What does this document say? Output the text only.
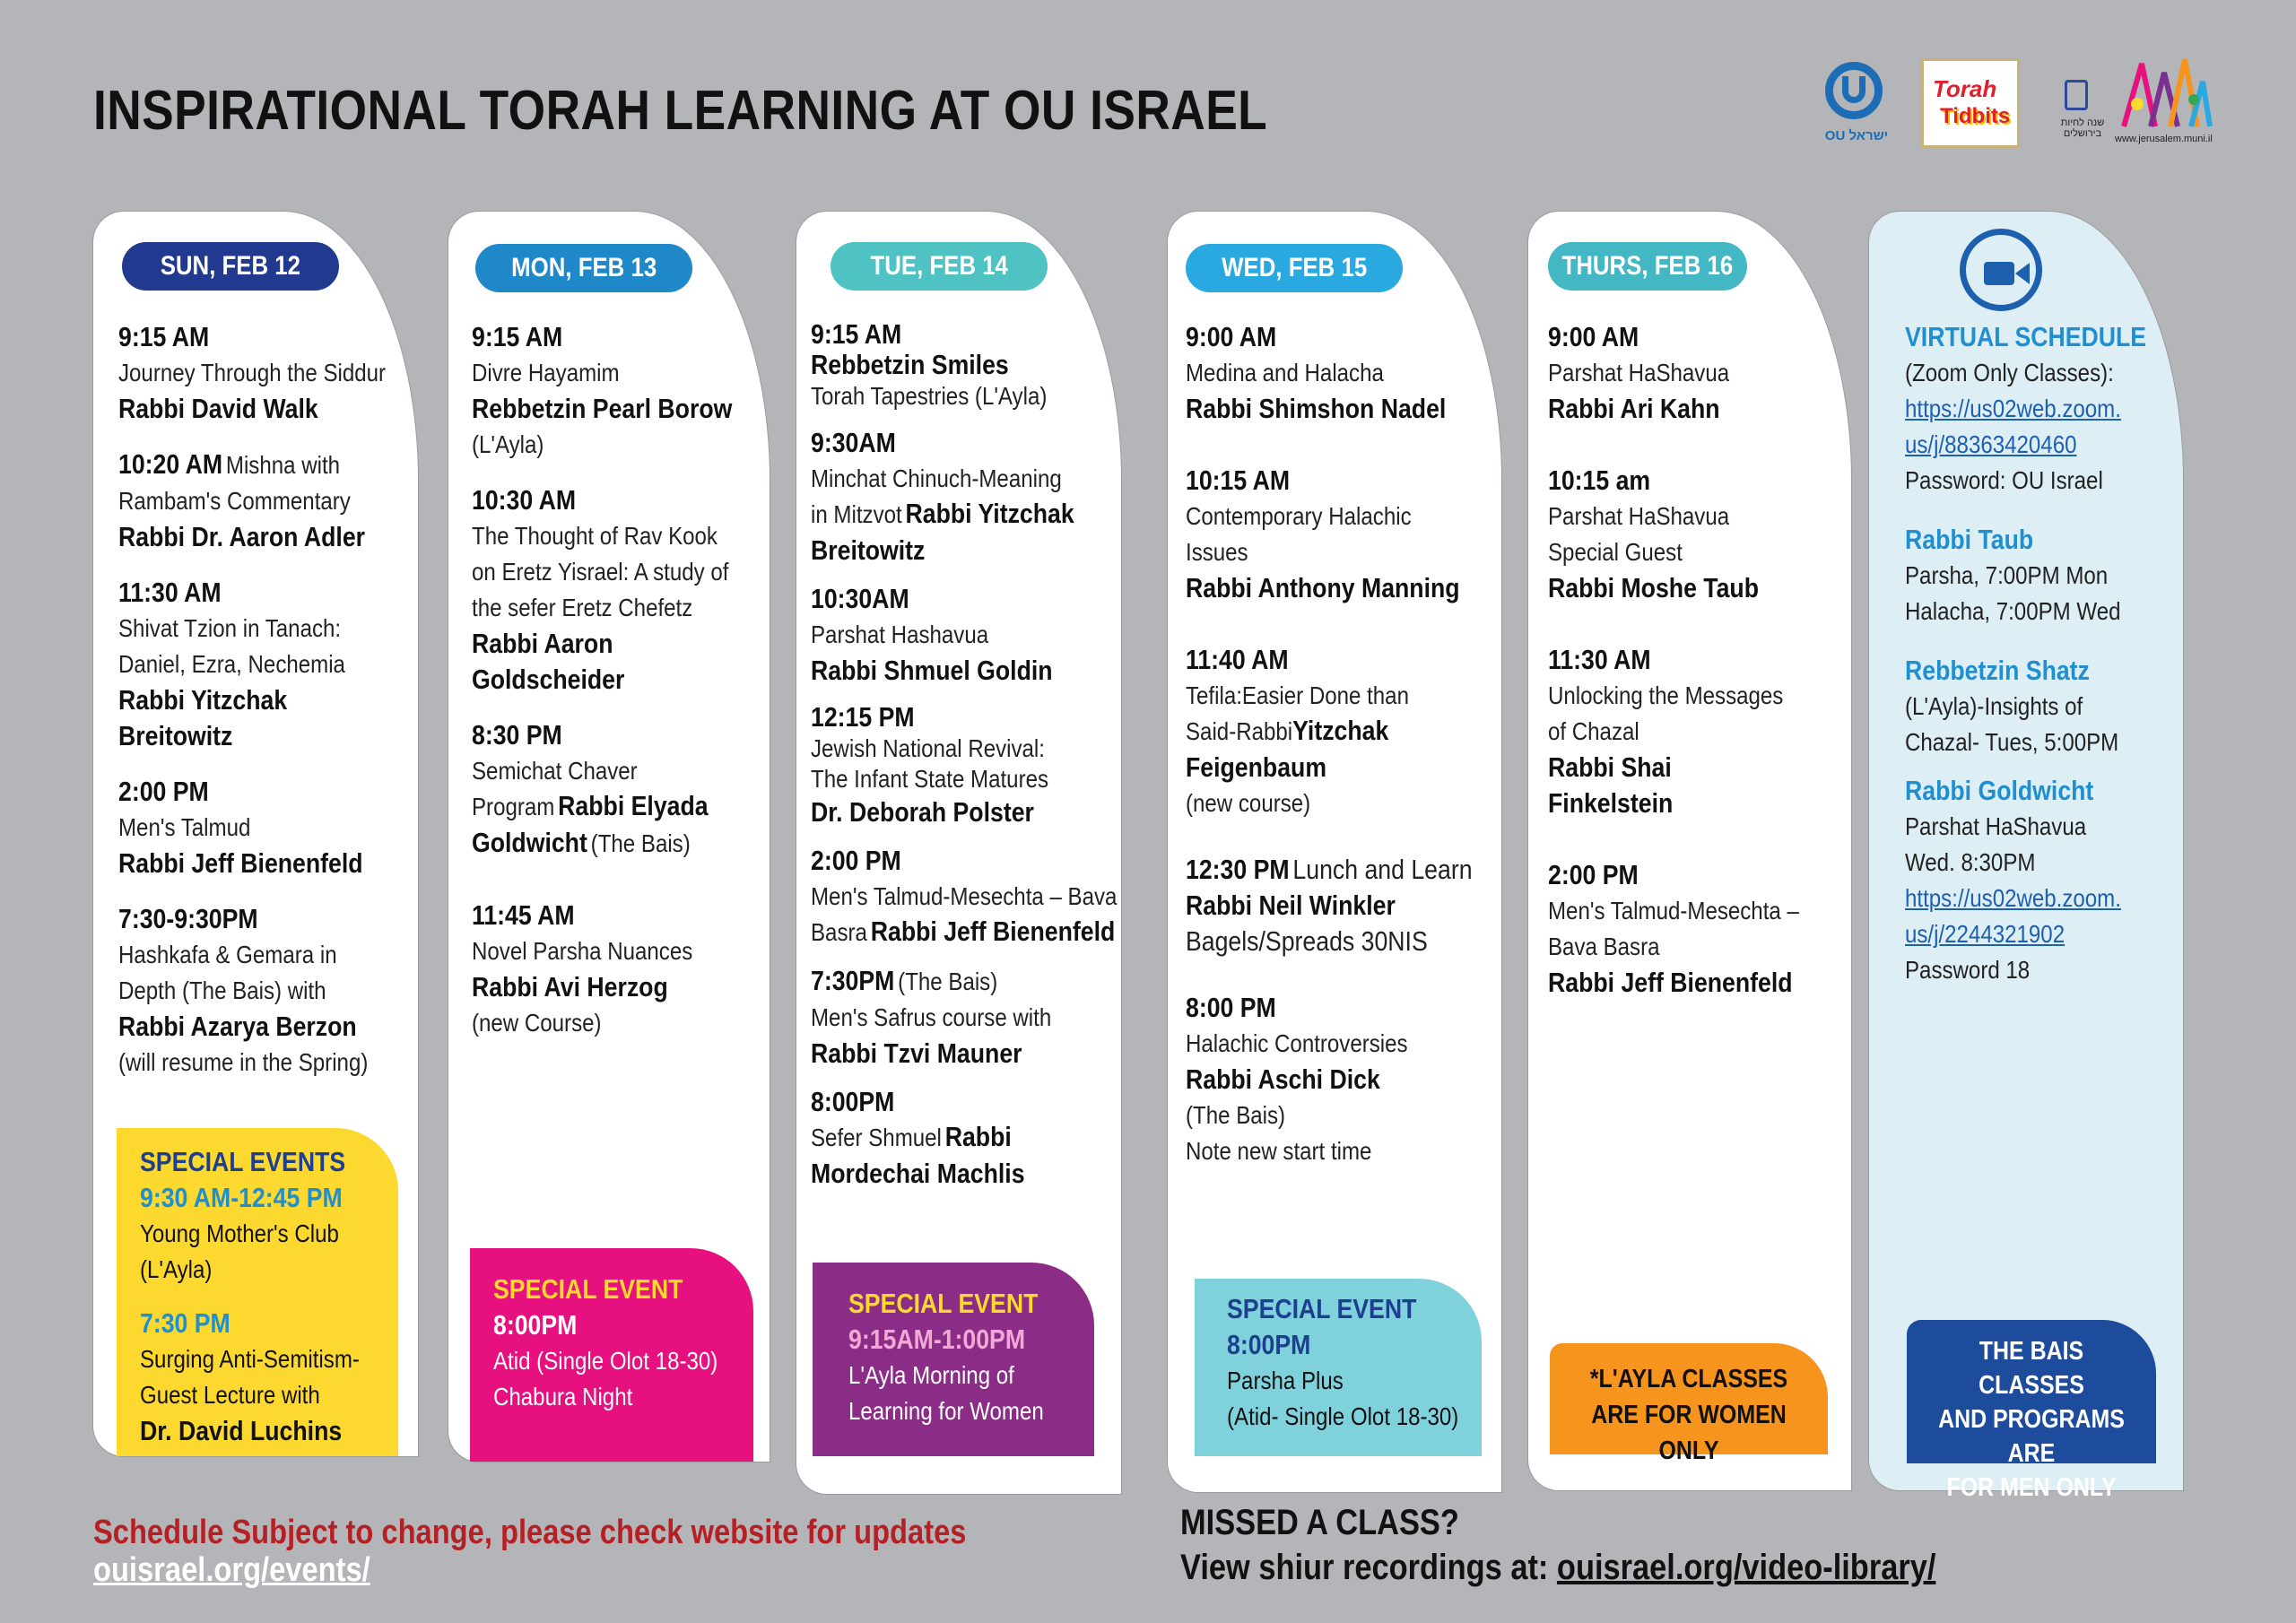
INSPIRATIONAL TORAH LEARNING AT OU ISRAEL	OU ישראל
Torah
Tidbits	שנה לחיות בירושלים	www.jerusalem.muni.il
SUN, FEB 12
9:15 AM
Journey Through the Siddur
Rabbi David Walk
10:20 AM Mishna with
Rambam's Commentary
Rabbi Dr. Aaron Adler
11:30 AM
Shivat Tzion in Tanach:
Daniel, Ezra, Nechemia
Rabbi Yitzchak
Breitowitz
2:00 PM
Men's Talmud
Rabbi Jeff Bienenfeld
7:30-9:30PM
Hashkafa & Gemara in
Depth (The Bais) with
Rabbi Azarya Berzon
(will resume in the Spring)
SPECIAL EVENTS
9:30 AM-12:45 PM
Young Mother's Club (L'Ayla)
7:30 PM
Surging Anti-Semitism-
Guest Lecture with
Dr. David Luchins
MON, FEB 13
9:15 AM
Divre Hayamim
Rebbetzin Pearl Borow
(L'Ayla)
10:30 AM
The Thought of Rav Kook
on Eretz Yisrael: A study of
the sefer Eretz Chefetz
Rabbi Aaron Goldscheider
8:30 PM
Semichat Chaver
Program Rabbi Elyada
Goldwicht (The Bais)
11:45 AM
Novel Parsha Nuances
Rabbi Avi Herzog
(new Course)
SPECIAL EVENT
8:00PM
Atid (Single Olot 18-30)
Chabura Night
TUE, FEB 14
9:15 AM
Rebbetzin Smiles
Torah Tapestries (L'Ayla)
9:30AM
Minchat Chinuch-Meaning
in Mitzvot Rabbi Yitzchak
Breitowitz
10:30AM
Parshat Hashavua
Rabbi Shmuel Goldin
12:15 PM
Jewish National Revival:
The Infant State Matures
Dr. Deborah Polster
2:00 PM
Men's Talmud-Mesechta – Bava
Basra Rabbi Jeff Bienenfeld
7:30PM (The Bais)
Men's Safrus course with
Rabbi Tzvi Mauner
8:00PM
Sefer Shmuel Rabbi
Mordechai Machlis
SPECIAL EVENT
9:15AM-1:00PM
L'Ayla Morning of
Learning for Women
WED, FEB 15
9:00 AM
Medina and Halacha
Rabbi Shimshon Nadel
10:15 AM
Contemporary Halachic
Issues
Rabbi Anthony Manning
11:40 AM
Tefila:Easier Done than
Said-RabbiYitzchak
Feigenbaum
(new course)
12:30 PM Lunch and Learn
Rabbi Neil Winkler
Bagels/Spreads 30NIS
8:00 PM
Halachic Controversies
Rabbi Aschi Dick
(The Bais)
Note new start time
SPECIAL EVENT
8:00PM
Parsha Plus
(Atid- Single Olot 18-30)
THURS, FEB 16
9:00 AM
Parshat HaShavua
Rabbi Ari Kahn
10:15 am
Parshat HaShavua
Special Guest
Rabbi Moshe Taub
11:30 AM
Unlocking the Messages
of Chazal
Rabbi Shai
Finkelstein
2:00 PM
Men's Talmud-Mesechta –
Bava Basra
Rabbi Jeff Bienenfeld
*L'AYLA CLASSES
ARE FOR WOMEN ONLY
VIRTUAL SCHEDULE
(Zoom Only Classes):
https://us02web.zoom.
us/j/88363420460
Password: OU Israel
Rabbi Taub
Parsha, 7:00PM Mon
Halacha, 7:00PM Wed
Rebbetzin Shatz
(L'Ayla)-Insights of
Chazal- Tues, 5:00PM
Rabbi Goldwicht
Parshat HaShavua
Wed. 8:30PM
https://us02web.zoom.
us/j/2244321902
Password 18
THE BAIS CLASSES
AND PROGRAMS ARE
FOR MEN ONLY
Schedule Subject to change, please check website for updates
ouisrael.org/events/
MISSED A CLASS?
View shiur recordings at: ouisrael.org/video-library/
